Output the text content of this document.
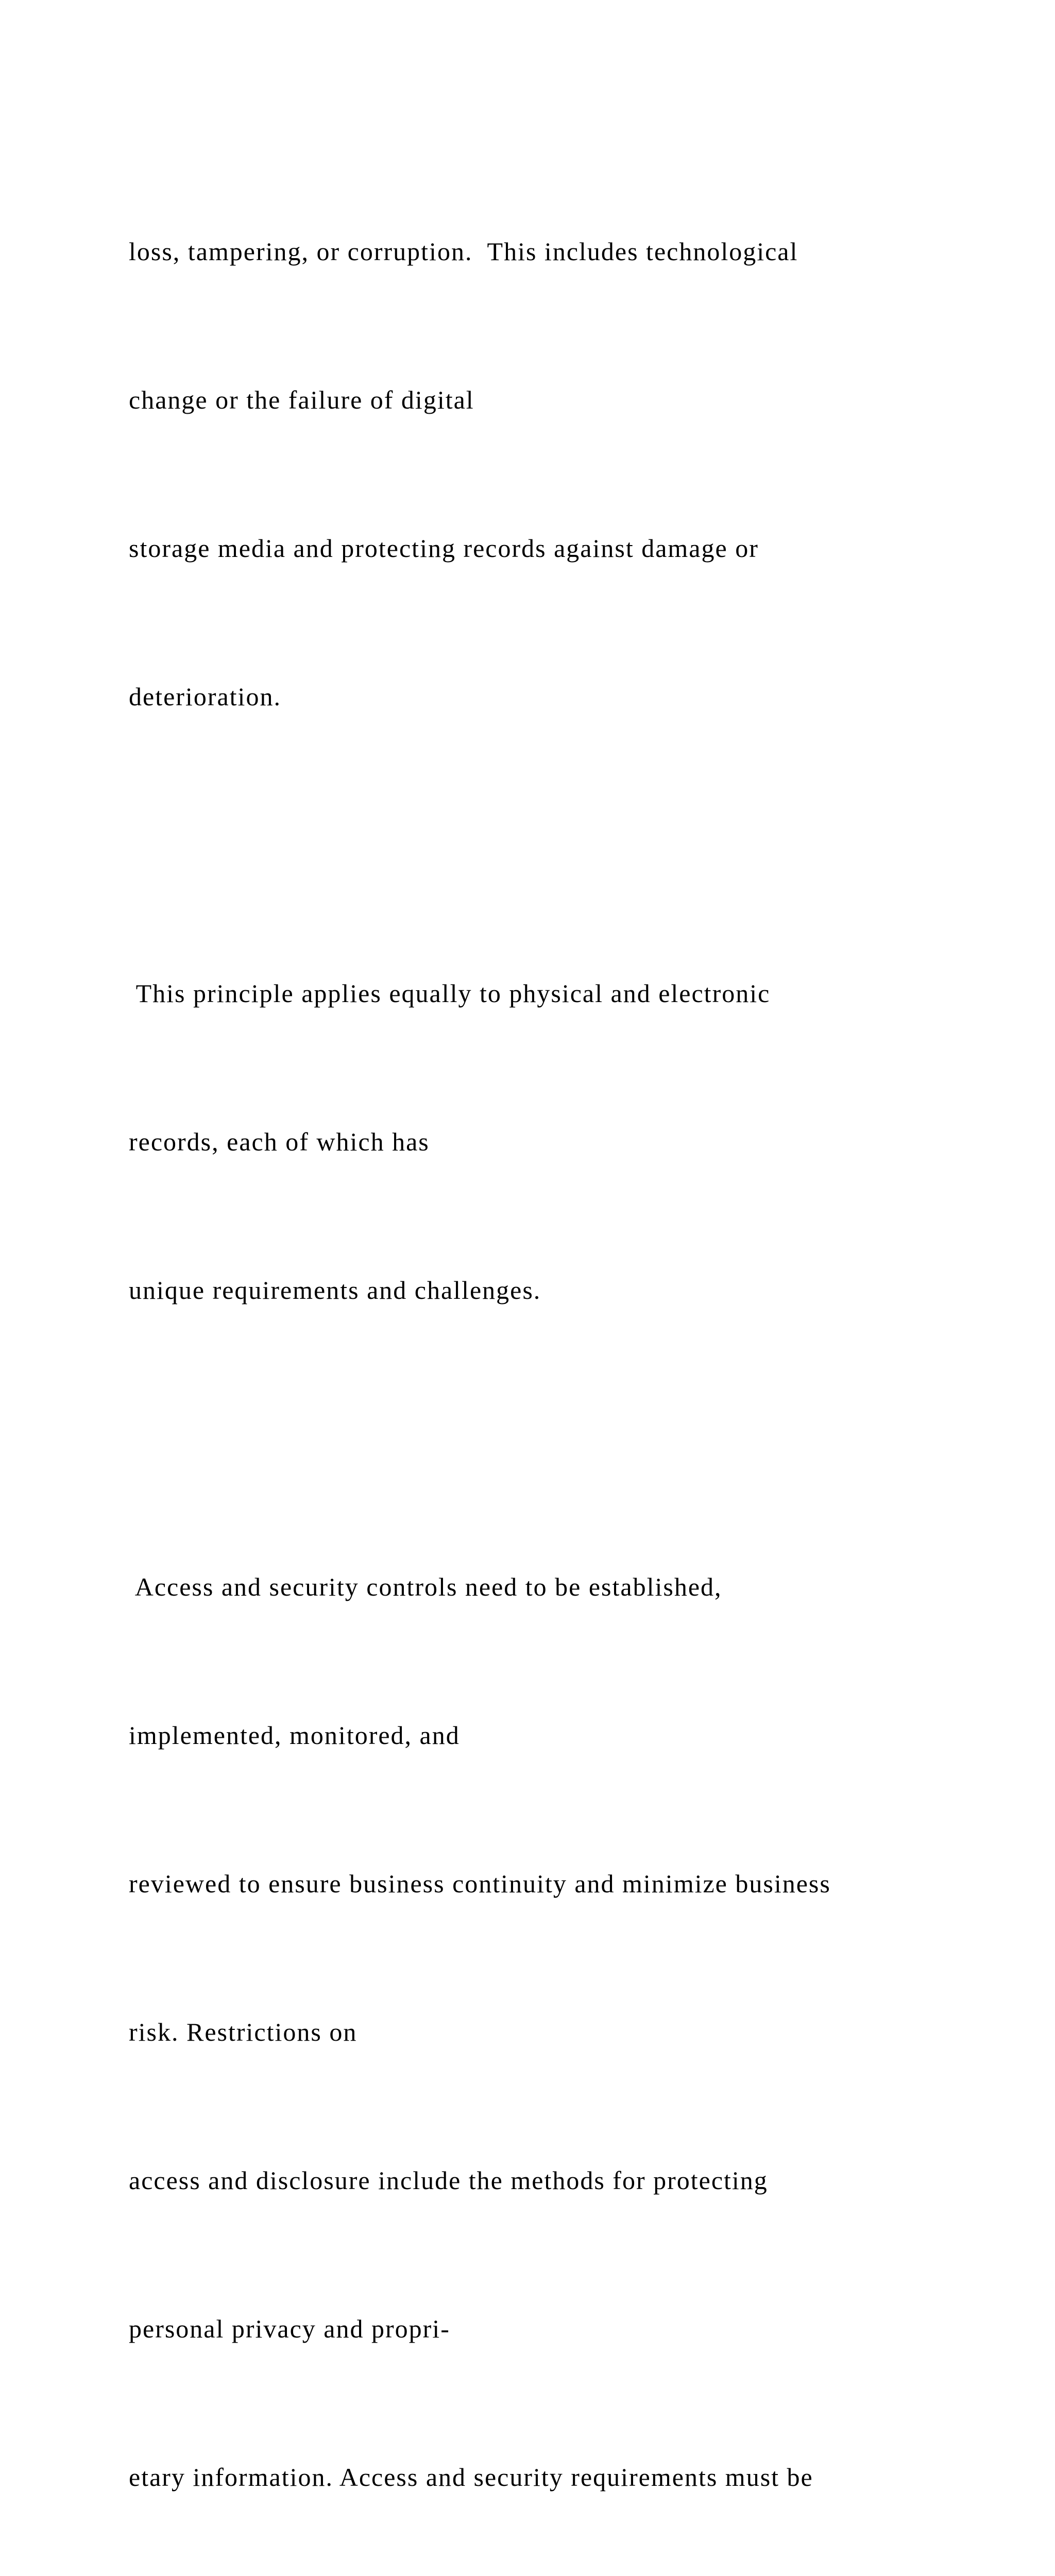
loss, tampering, or corruption.  This includes technological

change or the failure of digital

storage media and protecting records against damage or

deterioration.

This principle applies equally to physical and electronic

records, each of which has

unique requirements and challenges.

Access and security controls need to be established,

implemented, monitored, and

reviewed to ensure business continuity and minimize business

risk. Restrictions on

access and disclosure include the methods for protecting

personal privacy and propri-

etary information. Access and security requirements must be
